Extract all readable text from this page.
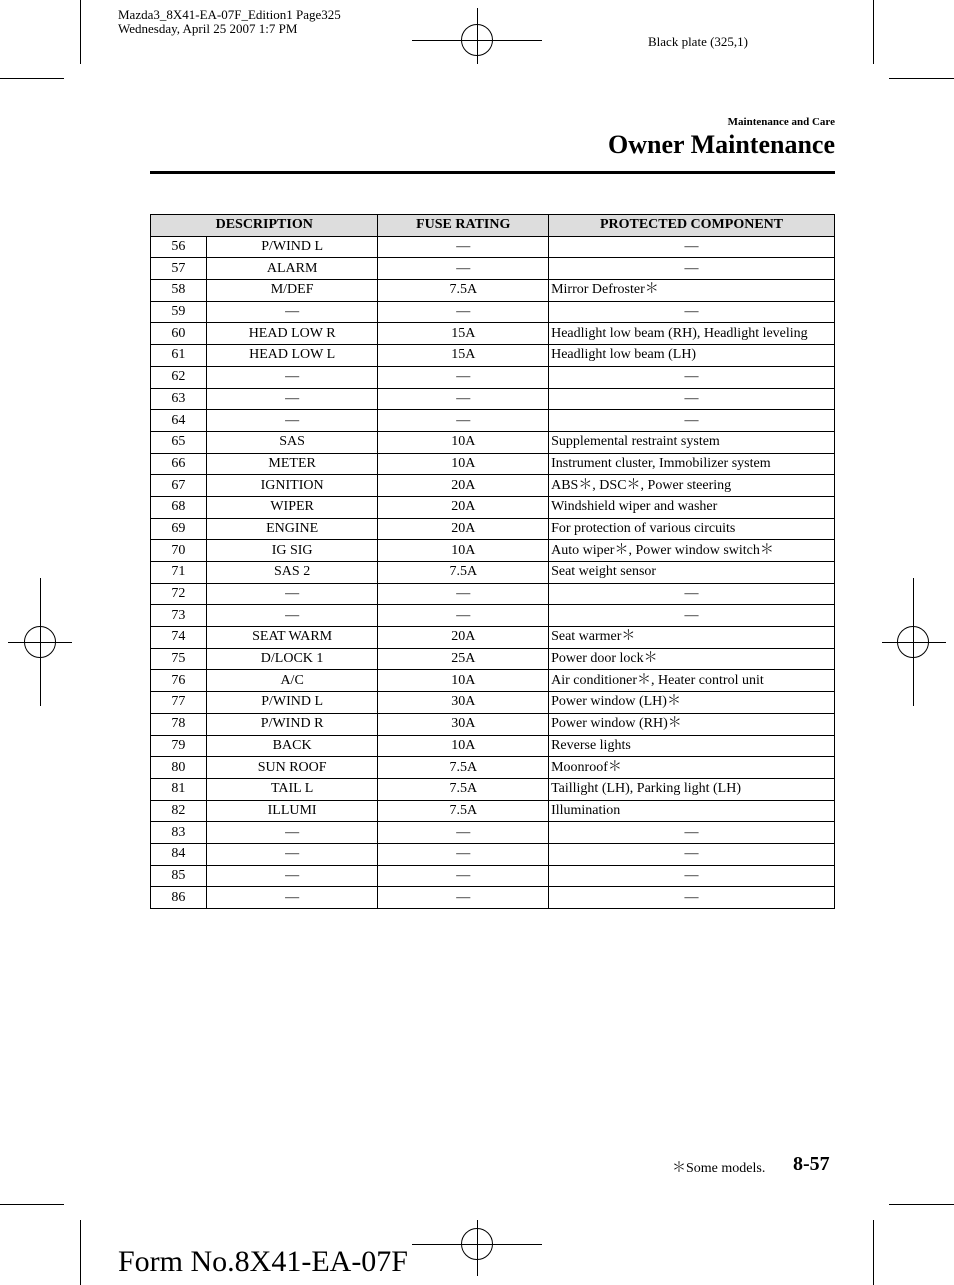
Mazda3_8X41-EA-07F_Edition1 Page325
Wednesday, April 25 2007 1:7 PM
Black plate (325,1)
Maintenance and Care
Owner Maintenance
DESCRIPTION		FUSE RATING	PROTECTED COMPONENT
56	P/WIND L	—	—
57	ALARM	—	—
58	M/DEF	7.5A	Mirror Defroster＊
59	—	—	—
60	HEAD LOW R	15A	Headlight low beam (RH), Headlight leveling
61	HEAD LOW L	15A	Headlight low beam (LH)
62	—	—	—
63	—	—	—
64	—	—	—
65	SAS	10A	Supplemental restraint system
66	METER	10A	Instrument cluster, Immobilizer system
67	IGNITION	20A	ABS＊, DSC＊, Power steering
68	WIPER	20A	Windshield wiper and washer
69	ENGINE	20A	For protection of various circuits
70	IG SIG	10A	Auto wiper＊, Power window switch＊
71	SAS 2	7.5A	Seat weight sensor
72	—	—	—
73	—	—	—
74	SEAT WARM	20A	Seat warmer＊
75	D/LOCK 1	25A	Power door lock＊
76	A/C	10A	Air conditioner＊, Heater control unit
77	P/WIND L	30A	Power window (LH)＊
78	P/WIND R	30A	Power window (RH)＊
79	BACK	10A	Reverse lights
80	SUN ROOF	7.5A	Moonroof＊
81	TAIL L	7.5A	Taillight (LH), Parking light (LH)
82	ILLUMI	7.5A	Illumination
83	—	—	—
84	—	—	—
85	—	—	—
86	—	—	—
＊Some models. 8-57
Form No.8X41-EA-07F
